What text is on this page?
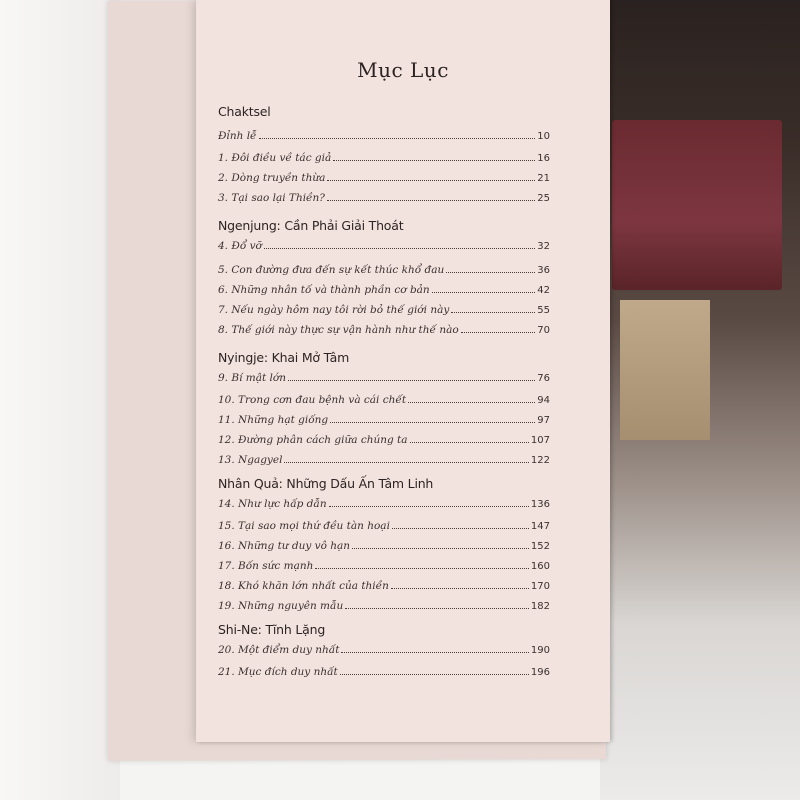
Mục Lục
Chaktsel
Đỉnh lễ	10
1. Đôi điều về tác giả	16
2. Dòng truyền thừa	21
3. Tại sao lại Thiền?	25
Ngenjung: Cần Phải Giải Thoát
4. Đổ vỡ	32
5. Con đường đưa đến sự kết thúc khổ đau	36
6. Những nhân tố và thành phần cơ bản	42
7. Nếu ngày hôm nay tôi rời bỏ thế giới này	55
8. Thế giới này thực sự vận hành như thế nào	70
Nyingje: Khai Mở Tâm
9. Bí mật lớn	76
10. Trong cơn đau bệnh và cái chết	94
11. Những hạt giống	97
12. Đường phân cách giữa chúng ta	107
13. Ngagyel	122
Nhân Quả: Những Dấu Ấn Tâm Linh
14. Như lực hấp dẫn	136
15. Tại sao mọi thứ đều tàn hoại	147
16. Những tư duy vô hạn	152
17. Bốn sức mạnh	160
18. Khó khăn lớn nhất của thiền	170
19. Những nguyên mẫu	182
Shi-Ne: Tĩnh Lặng
20. Một điểm duy nhất	190
21. Mục đích duy nhất	196
